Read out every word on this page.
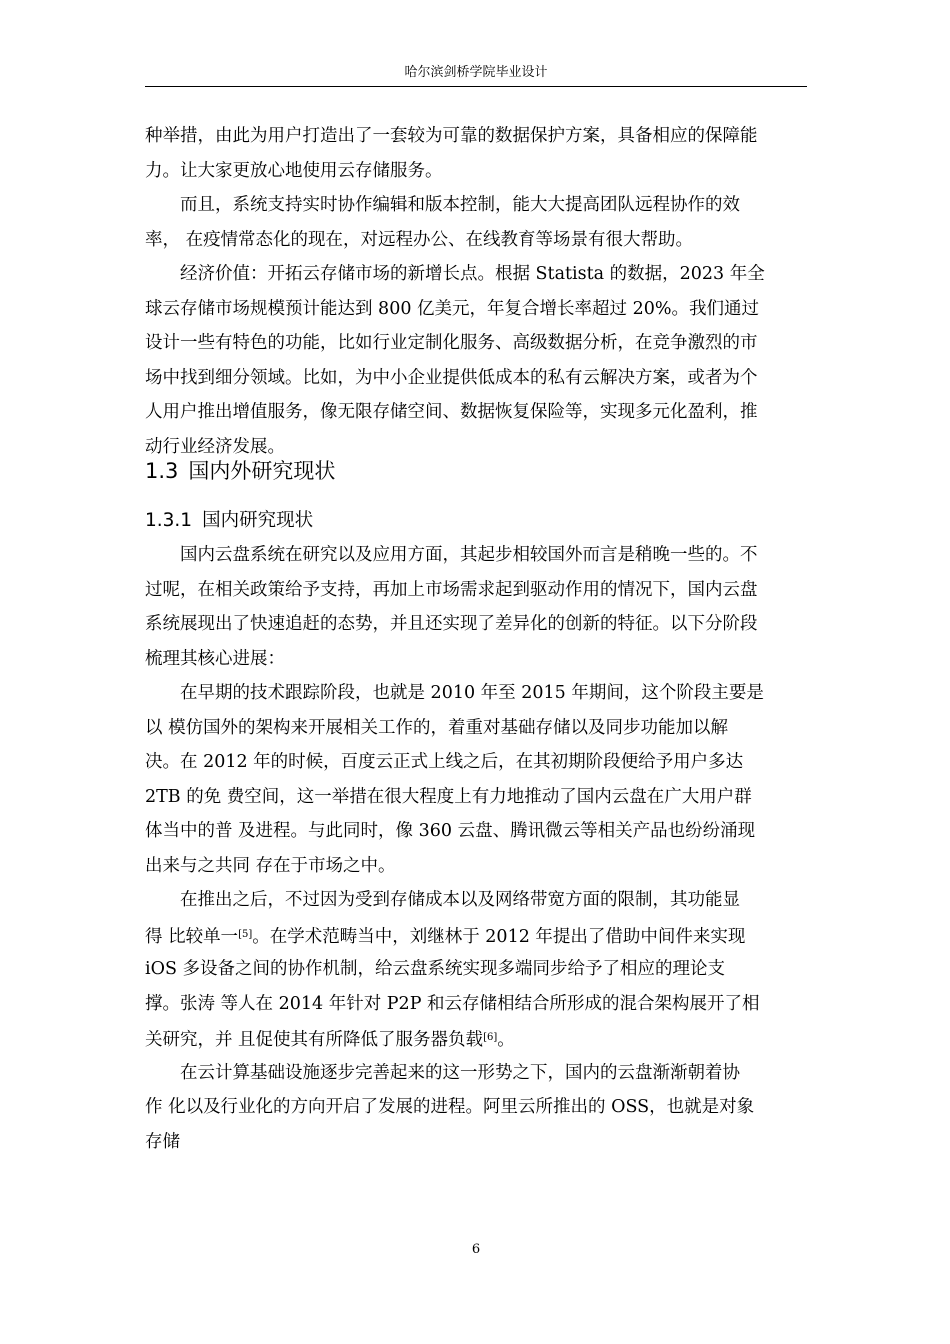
哈尔滨剑桥学院毕业设计
种举措，由此为用户打造出了一套较为可靠的数据保护方案，具备相应的保障能
力。让大家更放心地使用云存储服务。
　　而且，系统支持实时协作编辑和版本控制，能大大提高团队远程协作的效
率， 在疫情常态化的现在，对远程办公、在线教育等场景有很大帮助。
　　经济价值：开拓云存储市场的新增长点。根据 Statista 的数据，2023 年全
球云存储市场规模预计能达到 800 亿美元，年复合增长率超过 20%。我们通过
设计一些有特色的功能，比如行业定制化服务、高级数据分析，在竞争激烈的市
场中找到细分领域。比如，为中小企业提供低成本的私有云解决方案，或者为个
人用户推出增值服务，像无限存储空间、数据恢复保险等，实现多元化盈利，推
动行业经济发展。
1.3 国内外研究现状
1.3.1 国内研究现状
　　国内云盘系统在研究以及应用方面，其起步相较国外而言是稍晚一些的。不
过呢，在相关政策给予支持，再加上市场需求起到驱动作用的情况下，国内云盘
系统展现出了快速追赶的态势，并且还实现了差异化的创新的特征。以下分阶段
梳理其核心进展：
　　在早期的技术跟踪阶段，也就是 2010 年至 2015 年期间，这个阶段主要是
以 模仿国外的架构来开展相关工作的，着重对基础存储以及同步功能加以解
决。在 2012 年的时候，百度云正式上线之后，在其初期阶段便给予用户多达
2TB 的免 费空间，这一举措在很大程度上有力地推动了国内云盘在广大用户群
体当中的普 及进程。与此同时，像 360 云盘、腾讯微云等相关产品也纷纷涌现
出来与之共同 存在于市场之中。
　　在推出之后，不过因为受到存储成本以及网络带宽方面的限制，其功能显
得 比较单一[5]。在学术范畴当中，刘继林于 2012 年提出了借助中间件来实现
iOS 多设备之间的协作机制，给云盘系统实现多端同步给予了相应的理论支
撑。张涛 等人在 2014 年针对 P2P 和云存储相结合所形成的混合架构展开了相
关研究，并 且促使其有所降低了服务器负载[6]。
　　在云计算基础设施逐步完善起来的这一形势之下，国内的云盘渐渐朝着协
作 化以及行业化的方向开启了发展的进程。阿里云所推出的 OSS，也就是对象
存储
6
